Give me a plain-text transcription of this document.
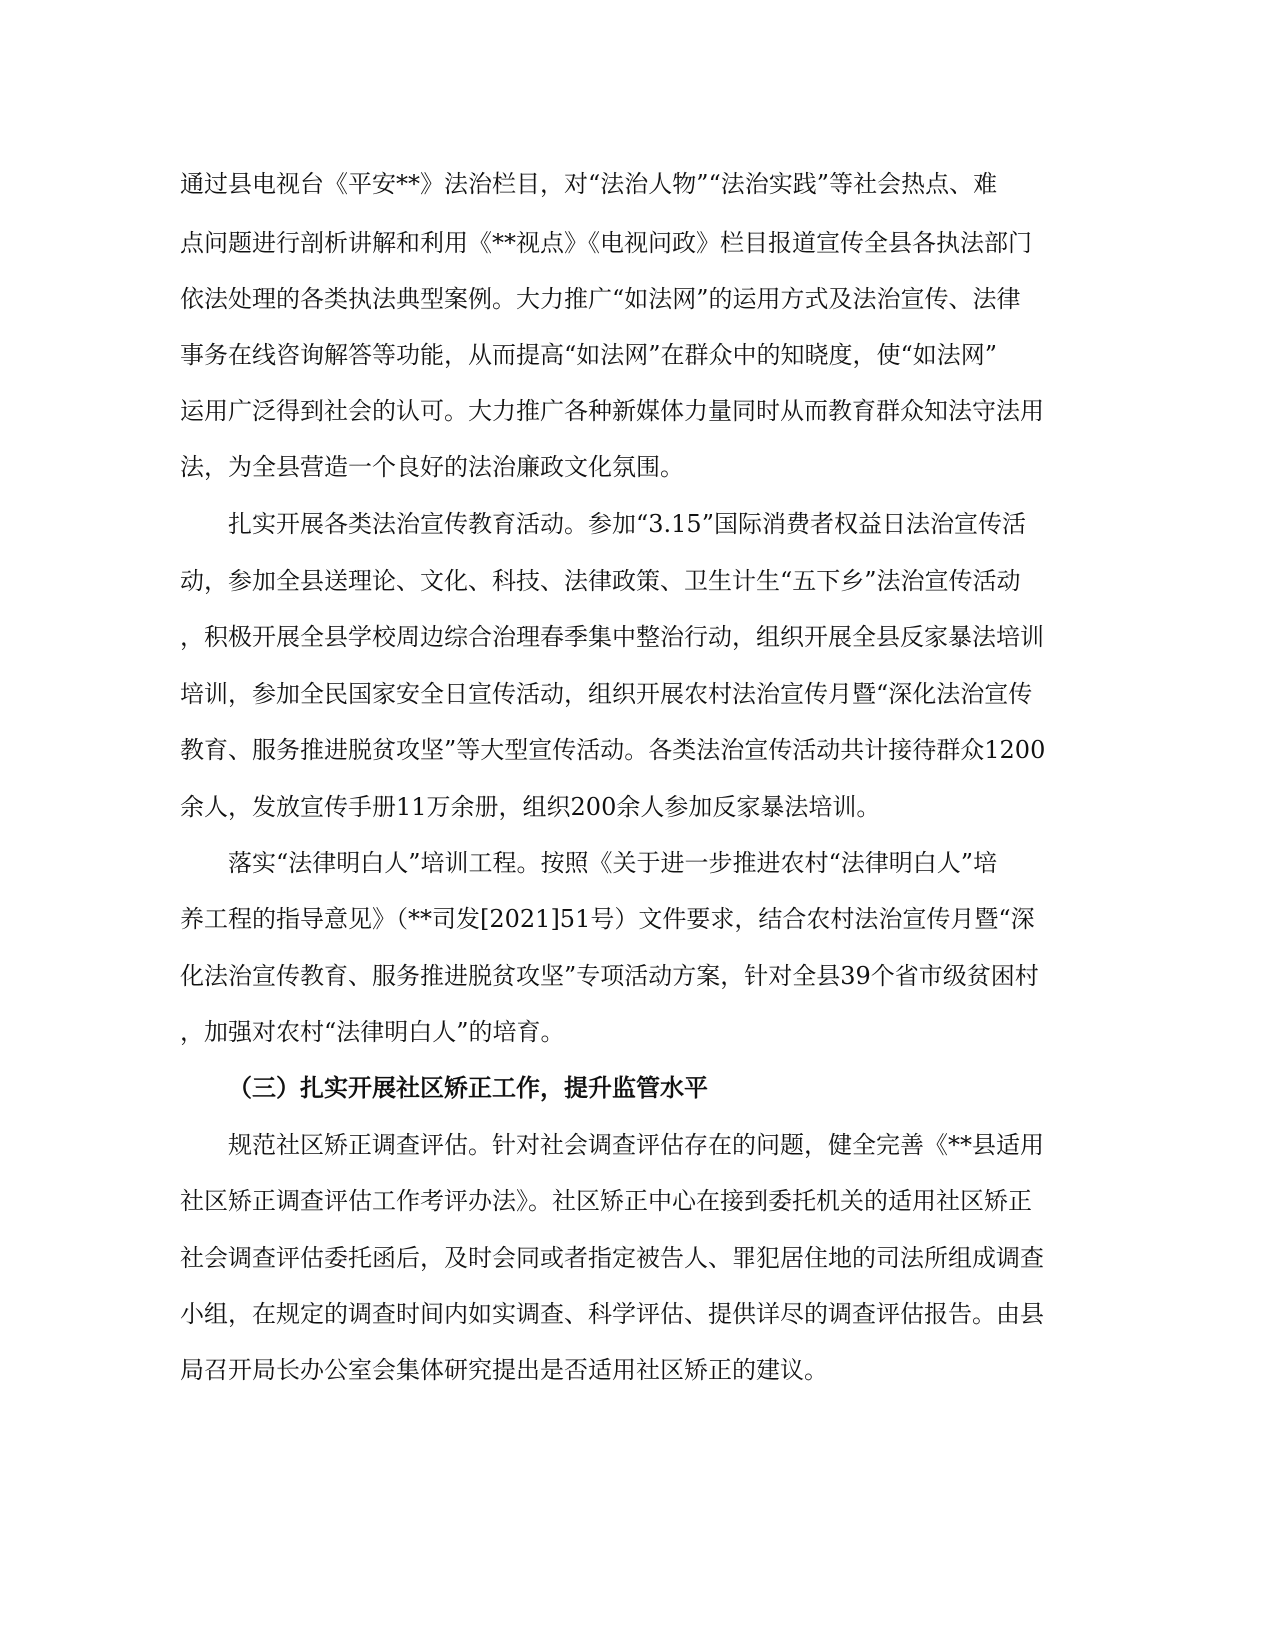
通过县电视台《平安**》法治栏目，对“法治人物”“法治实践”等社会热点、难
点问题进行剖析讲解和利用《**视点》《电视问政》栏目报道宣传全县各执法部门
依法处理的各类执法典型案例。大力推广“如法网”的运用方式及法治宣传、法律
事务在线咨询解答等功能，从而提高“如法网”在群众中的知晓度，使“如法网”
运用广泛得到社会的认可。大力推广各种新媒体力量同时从而教育群众知法守法用
法，为全县营造一个良好的法治廉政文化氛围。
扎实开展各类法治宣传教育活动。参加“3.15”国际消费者权益日法治宣传活
动，参加全县送理论、文化、科技、法律政策、卫生计生“五下乡”法治宣传活动
，积极开展全县学校周边综合治理春季集中整治行动，组织开展全县反家暴法培训
培训，参加全民国家安全日宣传活动，组织开展农村法治宣传月暨“深化法治宣传
教育、服务推进脱贫攻坚”等大型宣传活动。各类法治宣传活动共计接待群众1200
余人，发放宣传手册11万余册，组织200余人参加反家暴法培训。
落实“法律明白人”培训工程。按照《关于进一步推进农村“法律明白人”培
养工程的指导意见》（**司发[2021]51号）文件要求，结合农村法治宣传月暨“深
化法治宣传教育、服务推进脱贫攻坚”专项活动方案，针对全县39个省市级贫困村
，加强对农村“法律明白人”的培育。
（三）扎实开展社区矫正工作，提升监管水平
规范社区矫正调查评估。针对社会调查评估存在的问题，健全完善《**县适用
社区矫正调查评估工作考评办法》。社区矫正中心在接到委托机关的适用社区矫正
社会调查评估委托函后，及时会同或者指定被告人、罪犯居住地的司法所组成调查
小组，在规定的调查时间内如实调查、科学评估、提供详尽的调查评估报告。由县
局召开局长办公室会集体研究提出是否适用社区矫正的建议。
